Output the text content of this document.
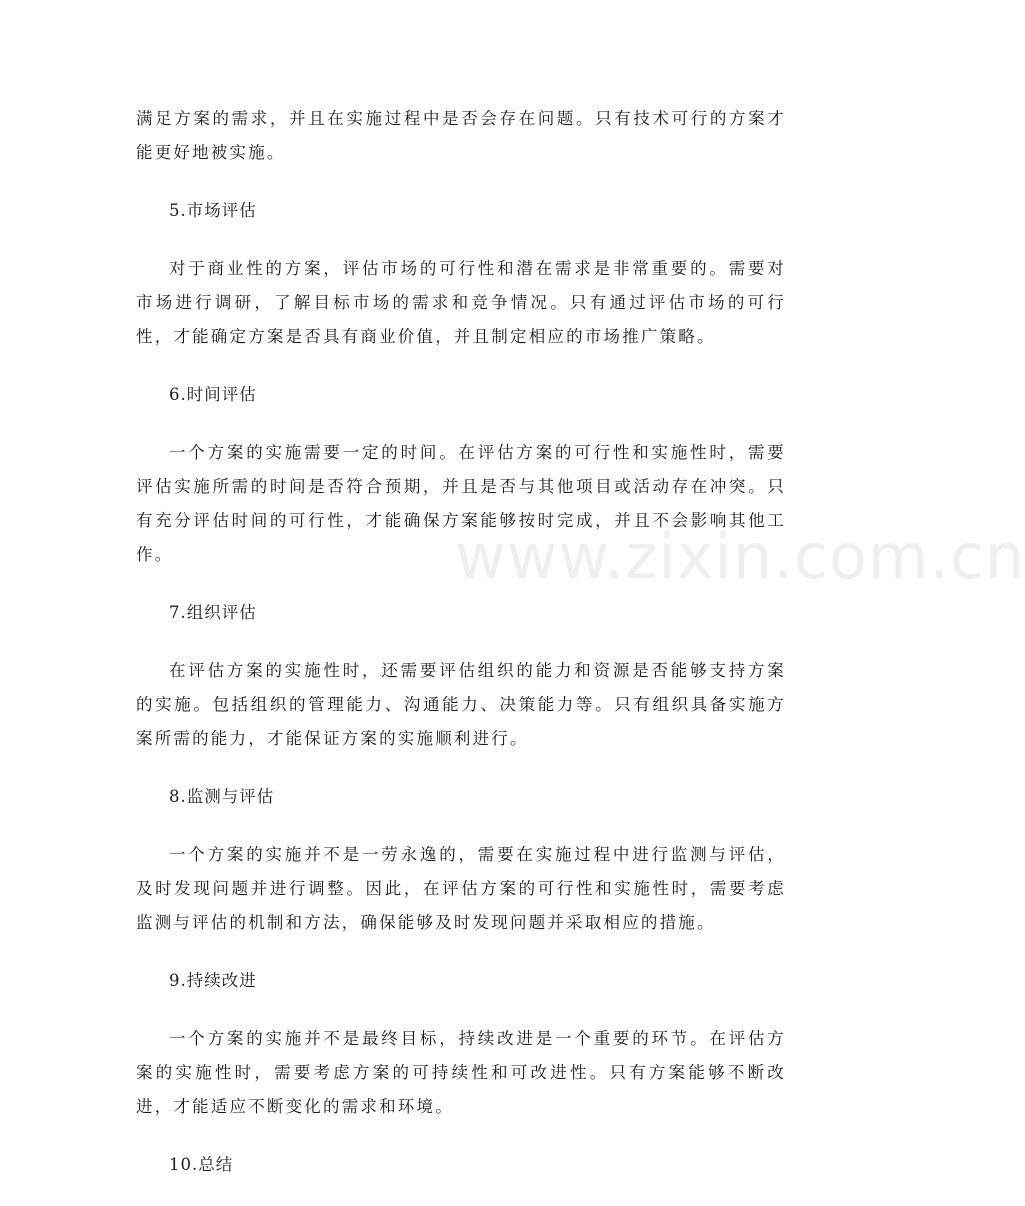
www.zixin.com.cn

满足方案的需求，并且在实施过程中是否会存在问题。只有技术可行的方案才能更好地被实施。

5.市场评估

对于商业性的方案，评估市场的可行性和潜在需求是非常重要的。需要对市场进行调研，了解目标市场的需求和竞争情况。只有通过评估市场的可行性，才能确定方案是否具有商业价值，并且制定相应的市场推广策略。

6.时间评估

一个方案的实施需要一定的时间。在评估方案的可行性和实施性时，需要评估实施所需的时间是否符合预期，并且是否与其他项目或活动存在冲突。只有充分评估时间的可行性，才能确保方案能够按时完成，并且不会影响其他工作。

7.组织评估

在评估方案的实施性时，还需要评估组织的能力和资源是否能够支持方案的实施。包括组织的管理能力、沟通能力、决策能力等。只有组织具备实施方案所需的能力，才能保证方案的实施顺利进行。

8.监测与评估

一个方案的实施并不是一劳永逸的，需要在实施过程中进行监测与评估，及时发现问题并进行调整。因此，在评估方案的可行性和实施性时，需要考虑监测与评估的机制和方法，确保能够及时发现问题并采取相应的措施。

9.持续改进

一个方案的实施并不是最终目标，持续改进是一个重要的环节。在评估方案的实施性时，需要考虑方案的可持续性和可改进性。只有方案能够不断改进，才能适应不断变化的需求和环境。

10.总结
